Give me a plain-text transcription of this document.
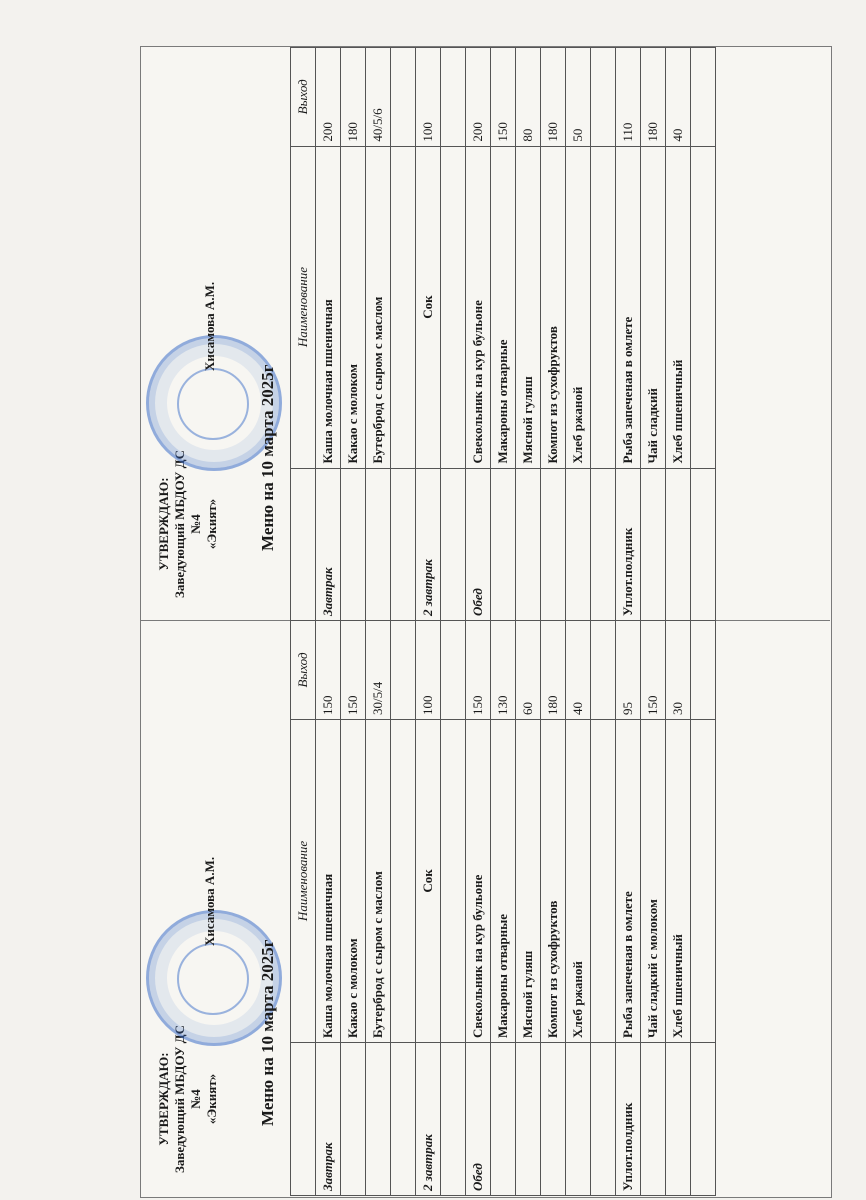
УТВЕРЖДАЮ: Заведующий МБДОУ ДС №4 «Экият»
Хисамова А.М.
Меню на 10 марта 2025г
	Наименование	Выход
Завтрак	Каша молочная пшеничная	200
	Какао с молоком	180
	Бутерброд с сыром с маслом	40/5/6

2 завтрак	Сок	100

Обед	Свекольник на кур бульоне	200
	Макароны отварные	150
	Мясной гуляш	80
	Компот из сухофруктов	180
	Хлеб ржаной	50

Уплот.полдник	Рыба запеченая в омлете	110
	Чай сладкий	180
	Хлеб пшеничный	40

УТВЕРЖДАЮ: Заведующий МБДОУ ДС №4 «Экият»
Хисамова А.М.
Меню на 10 марта 2025г
	Наименование	Выход
Завтрак	Каша молочная пшеничная	150
	Какао с молоком	150
	Бутерброд с сыром с маслом	30/5/4

2 завтрак	Сок	100

Обед	Свекольник на кур бульоне	150
	Макароны отварные	130
	Мясной гуляш	60
	Компот из сухофруктов	180
	Хлеб ржаной	40

Уплот.полдник	Рыба запеченая в омлете	95
	Чай сладкий с молоком	150
	Хлеб пшеничный	30
